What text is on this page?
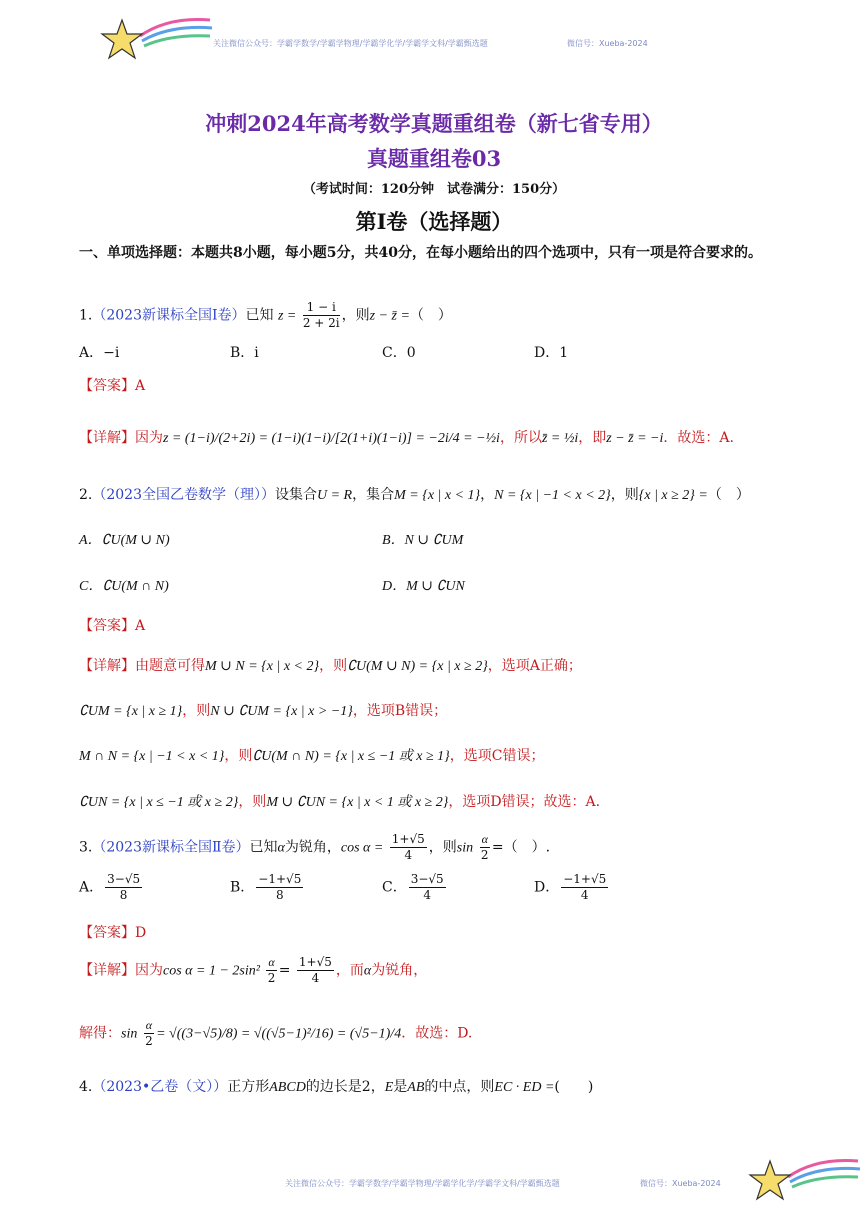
关注微信公众号：学霸学数学/学霸学物理/学霸学化学/学霸学文科/学霸甄选题	微信号：Xueba-2024
冲刺2024年高考数学真题重组卷（新七省专用）
真题重组卷03
（考试时间：120分钟　试卷满分：150分）
第I卷（选择题）
一、单项选择题：本题共8小题，每小题5分，共40分，在每小题给出的四个选项中，只有一项是符合要求的。
1.（2023新课标全国Ⅰ卷）已知 $z = \frac{1 - i}{2 + 2i}$ ，则z − z̄ =（　）
A．−i	B．i	C．0	D．1
【答案】A
【详解】因为z = (1−i)/(2+2i) = (1−i)(1−i)/[2(1+i)(1−i)] = −2i/4 = −½i，所以z̄ = ½i，即z − z̄ = −i．故选：A.
2.（2023全国乙卷数学（理））设集合U = R，集合M = {x | x < 1}，N = {x | −1 < x < 2}，则{x | x ≥ 2} =（　）
A．∁U(M ∪ N)	B．N ∪ ∁UM
C．∁U(M ∩ N)	D．M ∪ ∁UN
【答案】A
【详解】由题意可得M ∪ N = {x | x < 2}，则∁U(M ∪ N) = {x | x ≥ 2}，选项A正确；
∁UM = {x | x ≥ 1}，则N ∪ ∁UM = {x | x > −1}，选项B错误；
M ∩ N = {x | −1 < x < 1}，则∁U(M ∩ N) = {x | x ≤ −1 或 x ≥ 1}，选项C错误；
∁UN = {x | x ≤ −1 或 x ≥ 2}，则M ∪ ∁UN = {x | x < 1 或 x ≥ 2}，选项D错误；故选：A.
3.（2023新课标全国Ⅱ卷）已知α为锐角，$\cos \alpha = \frac{1+√5}{4}$ ，则$\sin \frac{\alpha}{2}$ =（　）.
A． $\frac{3-√5}{8}$	B． $\frac{-1+√5}{8}$	C． $\frac{3-√5}{4}$	D． $\frac{-1+√5}{4}$
【答案】D
【详解】因为$\cos \alpha = 1 - 2\sin^2 \frac{\alpha}{2} = \frac{1+√5}{4}$ ，而α为锐角，
解得：$\sin \frac{\alpha}{2} = √((3-√5)/8) = √((√5-1)^2/16) = (√5-1)/4$．故选：D.
4.（2023•乙卷（文））正方形ABCD的边长是2，E是AB的中点，则EC · ED =(　　)
关注微信公众号：学霸学数学/学霸学物理/学霸学化学/学霸学文科/学霸甄选题	微信号：Xueba-2024
